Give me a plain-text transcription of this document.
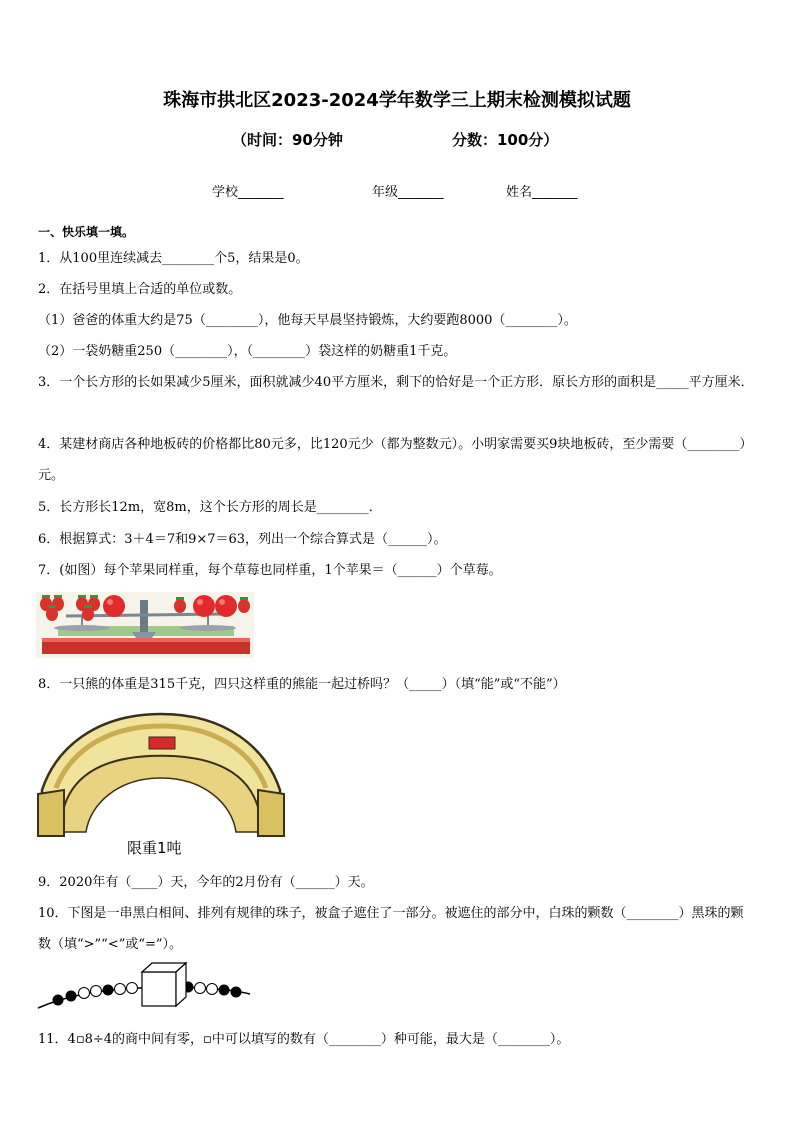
珠海市拱北区2023-2024学年数学三上期末检测模拟试题
（时间：90分钟	分数：100分）
学校_______	年级_______	姓名_______
一、快乐填一填。
1．从100里连续减去________个5，结果是0。
2．在括号里填上合适的单位或数。
（1）爸爸的体重大约是75（________），他每天早晨坚持锻炼，大约要跑8000（________）。
（2）一袋奶糖重250（________），（________）袋这样的奶糖重1千克。
3．一个长方形的长如果减少5厘米，面积就减少40平方厘米，剩下的恰好是一个正方形．原长方形的面积是_____平方厘米．
4．某建材商店各种地板砖的价格都比80元多，比120元少（都为整数元）。小明家需要买9块地板砖，至少需要（________）元。
5．长方形长12m，宽8m，这个长方形的周长是________．
6．根据算式：3＋4＝7和9×7＝63，列出一个综合算式是（______）。
7．(如图）每个苹果同样重，每个草莓也同样重，1个苹果＝（______）个草莓。
8．一只熊的体重是315千克，四只这样重的熊能一起过桥吗？（_____）（填“能”或“不能”）
限重1吨
9．2020年有（____）天，今年的2月份有（______）天。
10．下图是一串黑白相间、排列有规律的珠子，被盒子遮住了一部分。被遮住的部分中，白珠的颗数（________）黑珠的颗数（填“>”“<”或“=”）。
11．4▫8÷4的商中间有零，▫中可以填写的数有（________）种可能，最大是（________）。
